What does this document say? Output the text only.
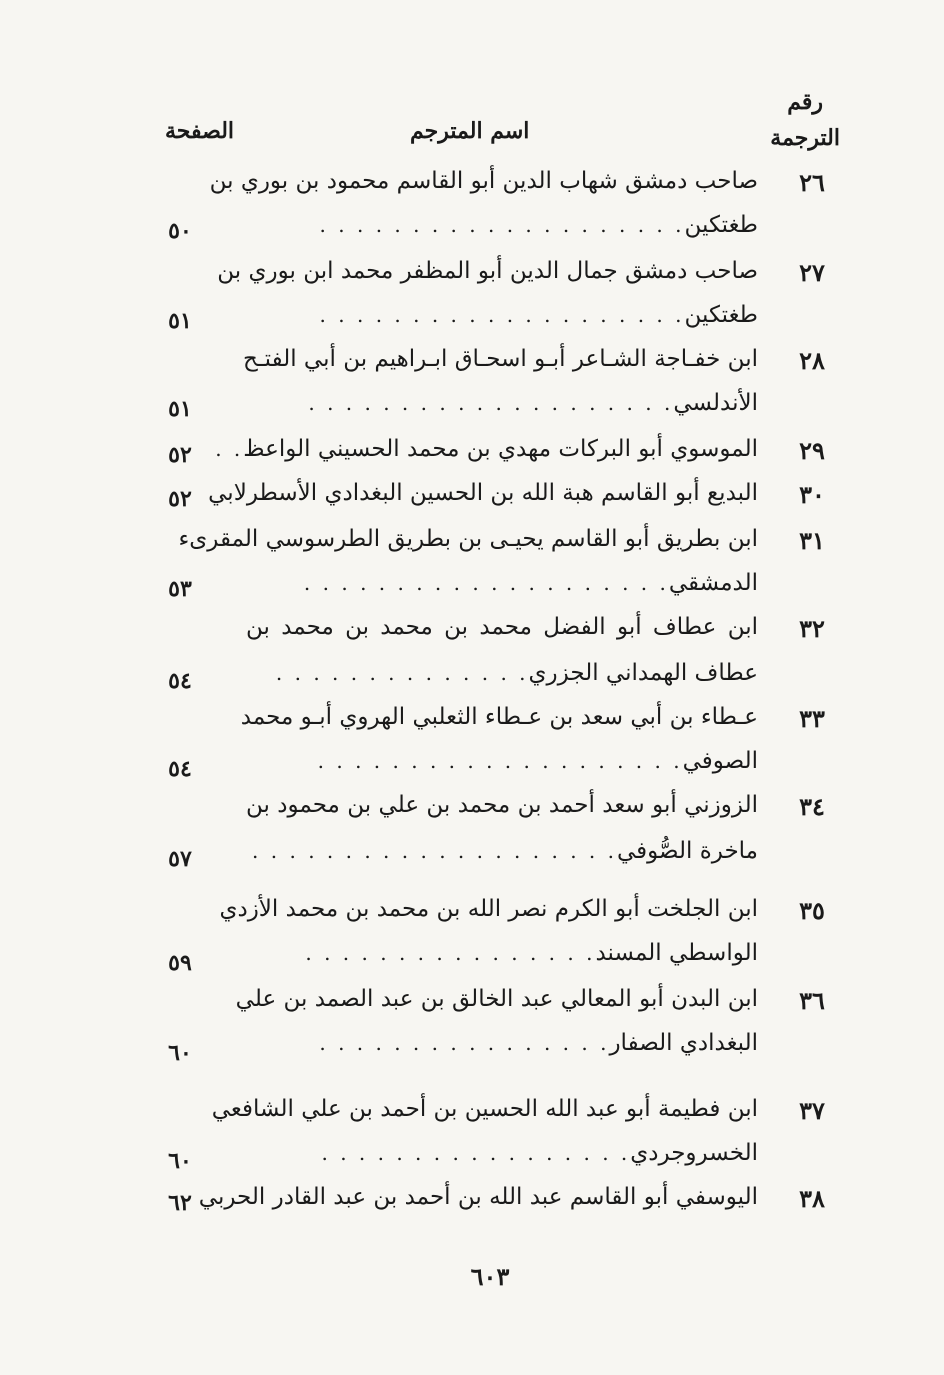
رقم
الترجمة
اسم المترجم
الصفحة
٢٦
صاحب دمشق شهاب الدين أبو القاسم محمود بن بوري بن
طغتكين. . . . . . . . . . . . . . . . . . . .
٥٠
٢٧
صاحب دمشق جمال الدين أبو المظفر محمد ابن بوري بن
طغتكين. . . . . . . . . . . . . . . . . . . .
٥١
٢٨
ابن خفـاجة الشـاعر أبـو اسحـاق ابـراهيم بن أبي الفتـح
الأندلسي. . . . . . . . . . . . . . . . . . . .
٥١
٢٩
الموسوي أبو البركات مهدي بن محمد الحسيني الواعظ. .
٥٢
٣٠
البديع أبو القاسم هبة الله بن الحسين البغدادي الأسطرلابي
٥٢
٣١
ابن بطريق أبو القاسم يحيـى بن بطريق الطرسوسي المقرىء
الدمشقي. . . . . . . . . . . . . . . . . . . .
٥٣
٣٢
ابن عطاف أبو الفضل محمد بن محمد بن محمد بن
عطاف الهمداني الجزري. . . . . . . . . . . . . .
٥٤
٣٣
عـطاء بن أبي سعد بن عـطاء الثعلبي الهروي أبـو محمد
الصوفي. . . . . . . . . . . . . . . . . . . .
٥٤
٣٤
الزوزني أبو سعد أحمد بن محمد بن علي بن محمود بن
ماخرة الصُّوفي. . . . . . . . . . . . . . . . . . . .
٥٧
٣٥
ابن الجلخت أبو الكرم نصر الله بن محمد بن محمد الأزدي
الواسطي المسند. . . . . . . . . . . . . . . .
٥٩
٣٦
ابن البدن أبو المعالي عبد الخالق بن عبد الصمد بن علي
البغدادي الصفار. . . . . . . . . . . . . . . .
٦٠
٣٧
ابن فطيمة أبو عبد الله الحسين بن أحمد بن علي الشافعي
الخسروجردي. . . . . . . . . . . . . . . . .
٦٠
٣٨
اليوسفي أبو القاسم عبد الله بن أحمد بن عبد القادر الحربي
٦٢
٦٠٣
